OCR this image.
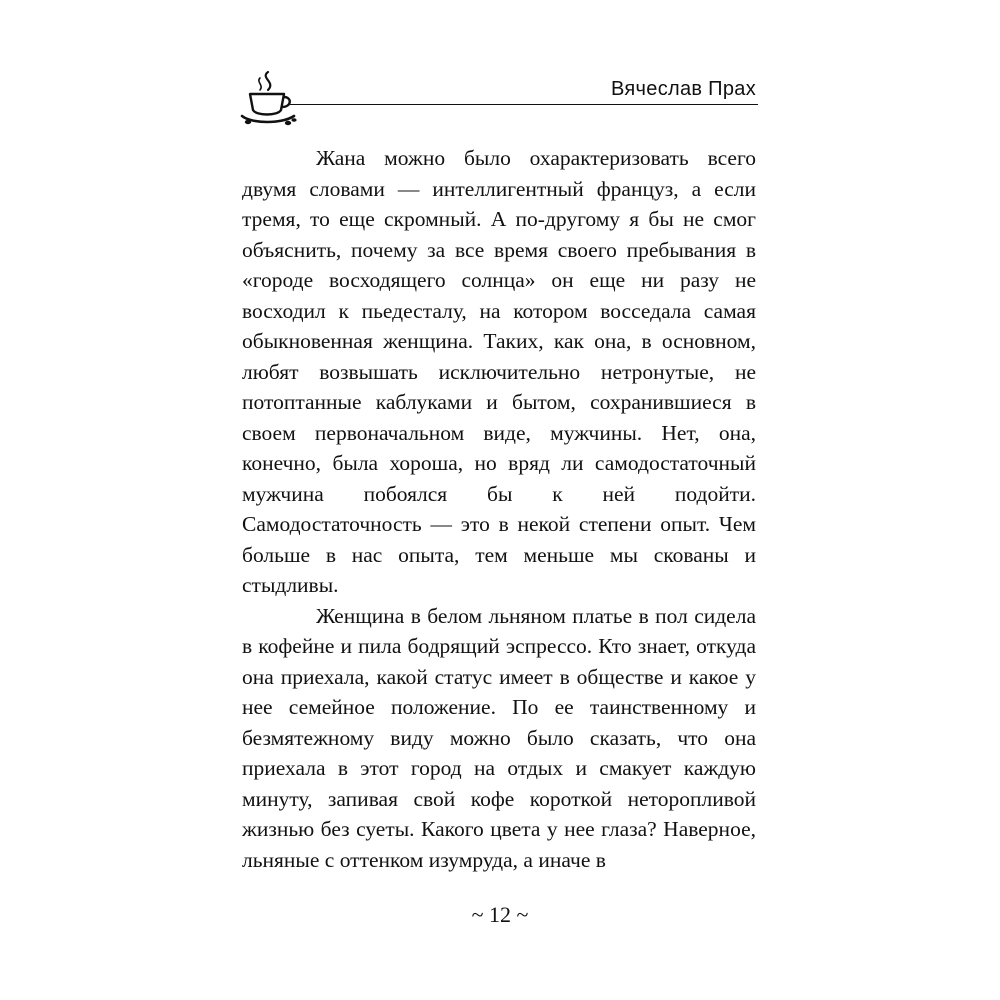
Вячеслав Прах

Жана можно было охарактеризовать всего двумя словами — интеллигентный француз, а если тремя, то еще скромный. А по-другому я бы не смог объяснить, почему за все время своего пребывания в «городе восходящего солнца» он еще ни разу не восходил к пьедесталу, на котором восседала самая обыкновенная женщина. Таких, как она, в основном, любят возвышать исключительно нетронутые, не потоптанные каблуками и бытом, сохранившиеся в своем первоначальном виде, мужчины. Нет, она, конечно, была хороша, но вряд ли самодостаточный мужчина побоялся бы к ней подойти. Самодостаточность — это в некой степени опыт. Чем больше в нас опыта, тем меньше мы скованы и стыдливы.

Женщина в белом льняном платье в пол сидела в кофейне и пила бодрящий эспрессо. Кто знает, откуда она приехала, какой статус имеет в обществе и какое у нее семейное положение. По ее таинственному и безмятежному виду можно было сказать, что она приехала в этот город на отдых и смакует каждую минуту, запивая свой кофе короткой неторопливой жизнью без суеты. Какого цвета у нее глаза? Наверное, льняные с оттенком изумруда, а иначе в

~ 12 ~
